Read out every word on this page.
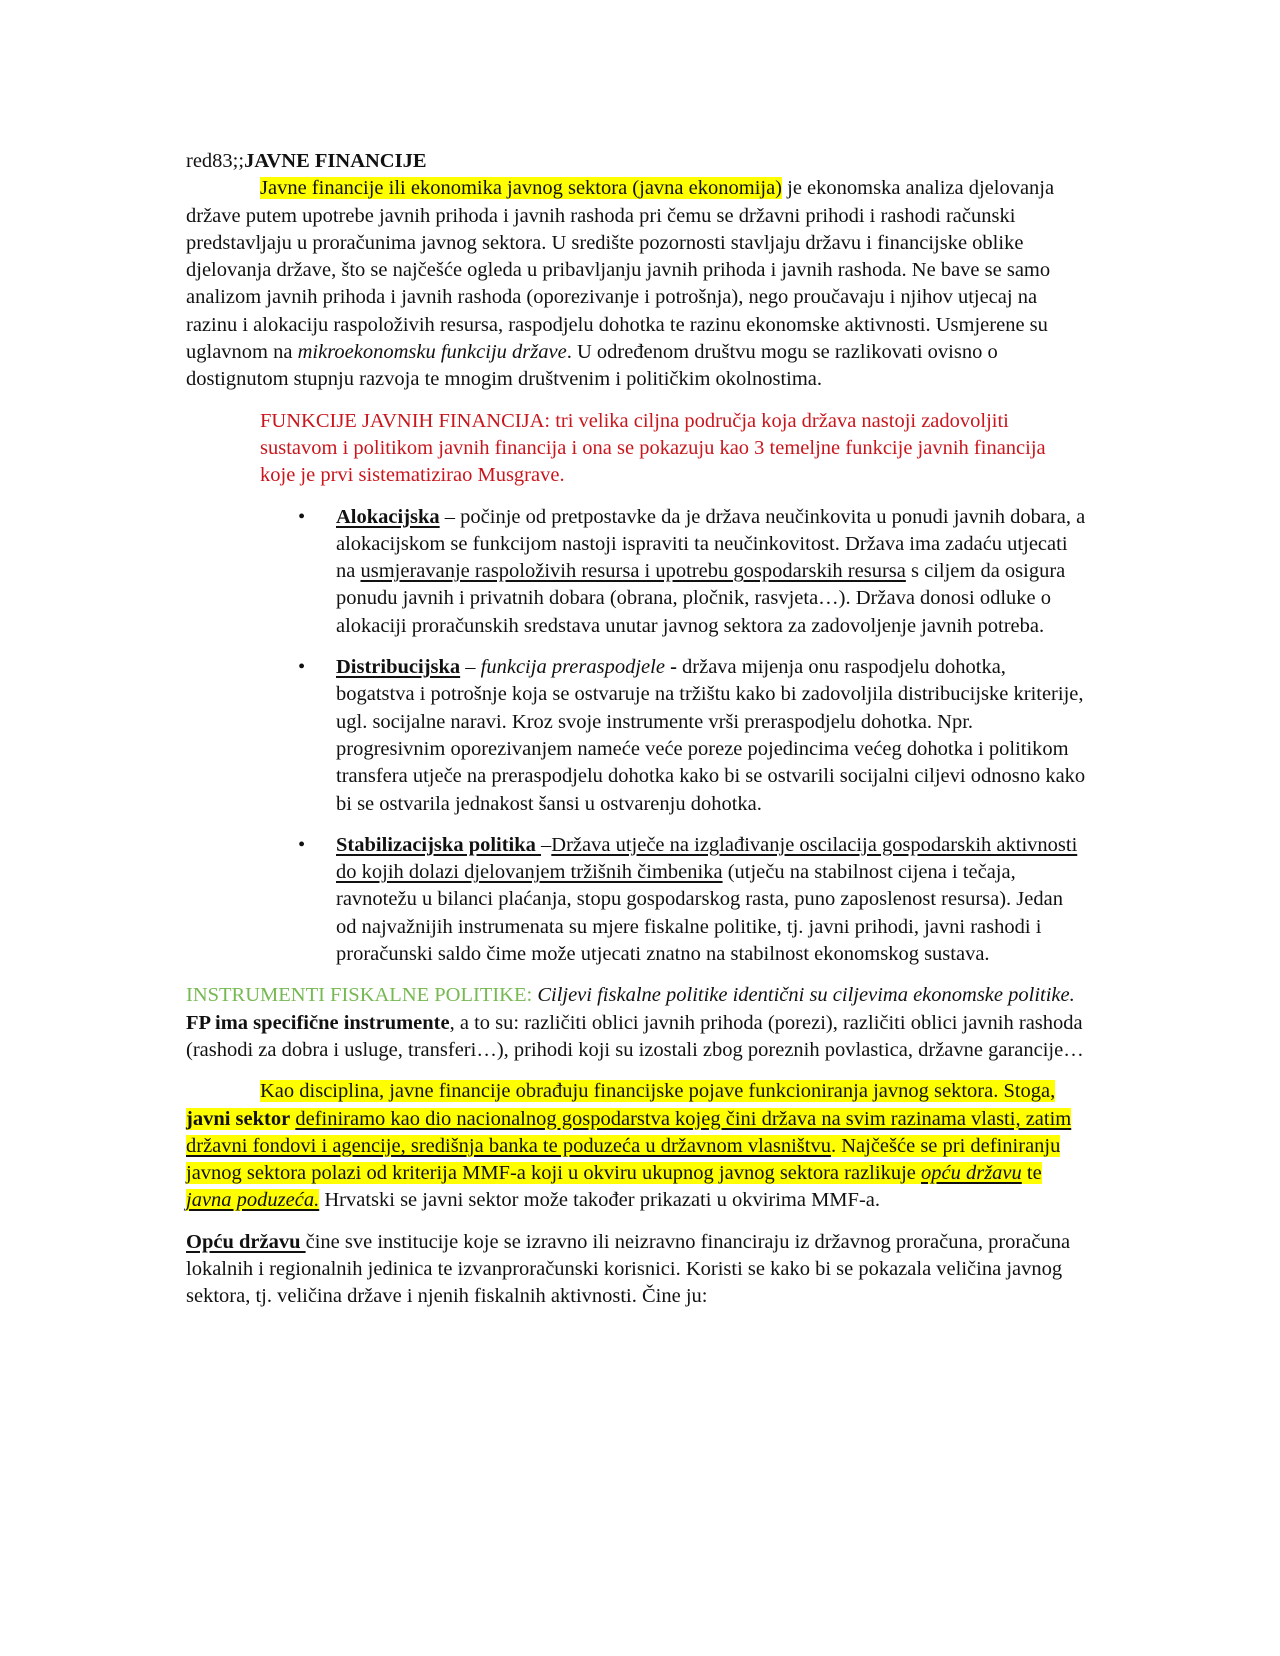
red83;;JAVNE FINANCIJE

Javne financije ili ekonomika javnog sektora (javna ekonomija) je ekonomska analiza djelovanja države putem upotrebe javnih prihoda i javnih rashoda pri čemu se državni prihodi i rashodi računski predstavljaju u proračunima javnog sektora. U središte pozornosti stavljaju državu i financijske oblike djelovanja države, što se najčešće ogleda u pribavljanju javnih prihoda i javnih rashoda. Ne bave se samo analizom javnih prihoda i javnih rashoda (oporezivanje i potrošnja), nego proučavaju i njihov utjecaj na razinu i alokaciju raspoloživih resursa, raspodjelu dohotka te razinu ekonomske aktivnosti. Usmjerene su uglavnom na mikroekonomsku funkciju države. U određenom društvu mogu se razlikovati ovisno o dostignutom stupnju razvoja te mnogim društvenim i političkim okolnostima.

FUNKCIJE JAVNIH FINANCIJA: tri velika ciljna područja koja država nastoji zadovoljiti sustavom i politikom javnih financija i ona se pokazuju kao 3 temeljne funkcije javnih financija koje je prvi sistematizirao Musgrave.

• Alokacijska – počinje od pretpostavke da je država neučinkovita u ponudi javnih dobara, a alokacijskom se funkcijom nastoji ispraviti ta neučinkovitost. Država ima zadaću utjecati na usmjeravanje raspoloživih resursa i upotrebu gospodarskih resursa s ciljem da osigura ponudu javnih i privatnih dobara (obrana, pločnik, rasvjeta…). Država donosi odluke o alokaciji proračunskih sredstava unutar javnog sektora za zadovoljenje javnih potreba.
• Distribucijska – funkcija preraspodjele - država mijenja onu raspodjelu dohotka, bogatstva i potrošnje koja se ostvaruje na tržištu kako bi zadovoljila distribucijske kriterije, ugl. socijalne naravi. Kroz svoje instrumente vrši preraspodjelu dohotka. Npr. progresivnim oporezivanjem nameće veće poreze pojedincima većeg dohotka i politikom transfera utječe na preraspodjelu dohotka kako bi se ostvarili socijalni ciljevi odnosno kako bi se ostvarila jednakost šansi u ostvarenju dohotka.
• Stabilizacijska politika –Država utječe na izglađivanje oscilacija gospodarskih aktivnosti do kojih dolazi djelovanjem tržišnih čimbenika (utječu na stabilnost cijena i tečaja, ravnotežu u bilanci plaćanja, stopu gospodarskog rasta, puno zaposlenost resursa). Jedan od najvažnijih instrumenata su mjere fiskalne politike, tj. javni prihodi, javni rashodi i proračunski saldo čime može utjecati znatno na stabilnost ekonomskog sustava.

INSTRUMENTI FISKALNE POLITIKE: Ciljevi fiskalne politike identični su ciljevima ekonomske politike. FP ima specifične instrumente, a to su: različiti oblici javnih prihoda (porezi), različiti oblici javnih rashoda (rashodi za dobra i usluge, transferi…), prihodi koji su izostali zbog poreznih povlastica, državne garancije…

Kao disciplina, javne financije obrađuju financijske pojave funkcioniranja javnog sektora. Stoga, javni sektor definiramo kao dio nacionalnog gospodarstva kojeg čini država na svim razinama vlasti, zatim državni fondovi i agencije, središnja banka te poduzeća u državnom vlasništvu. Najčešće se pri definiranju javnog sektora polazi od kriterija MMF-a koji u okviru ukupnog javnog sektora razlikuje opću državu te javna poduzeća. Hrvatski se javni sektor može također prikazati u okvirima MMF-a.

Opću državu čine sve institucije koje se izravno ili neizravno financiraju iz državnog proračuna, proračuna lokalnih i regionalnih jedinica te izvanproračunski korisnici. Koristi se kako bi se pokazala veličina javnog sektora, tj. veličina države i njenih fiskalnih aktivnosti. Čine ju:
